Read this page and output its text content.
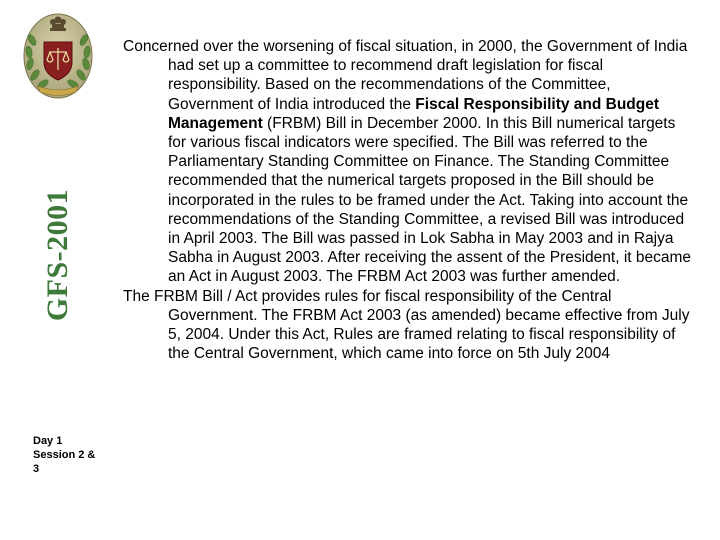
GFS-2001
Day 1
Session 2 &
3

Concerned over the worsening of fiscal situation, in 2000, the Government of India had set up a committee to recommend draft legislation for fiscal responsibility. Based on the recommendations of the Committee, Government of India introduced the Fiscal Responsibility and Budget Management (FRBM) Bill in December 2000. In this Bill numerical targets for various fiscal indicators were specified. The Bill was referred to the Parliamentary Standing Committee on Finance. The Standing Committee recommended that the numerical targets proposed in the Bill should be incorporated in the rules to be framed under the Act. Taking into account the recommendations of the Standing Committee, a revised Bill was introduced in April 2003. The Bill was passed in Lok Sabha in May 2003 and in Rajya Sabha in August 2003. After receiving the assent of the President, it became an Act in August 2003. The FRBM Act 2003 was further amended.

The FRBM Bill / Act provides rules for fiscal responsibility of the Central Government. The FRBM Act 2003 (as amended) became effective from July 5, 2004. Under this Act, Rules are framed relating to fiscal responsibility of the Central Government, which came into force on 5th July 2004
